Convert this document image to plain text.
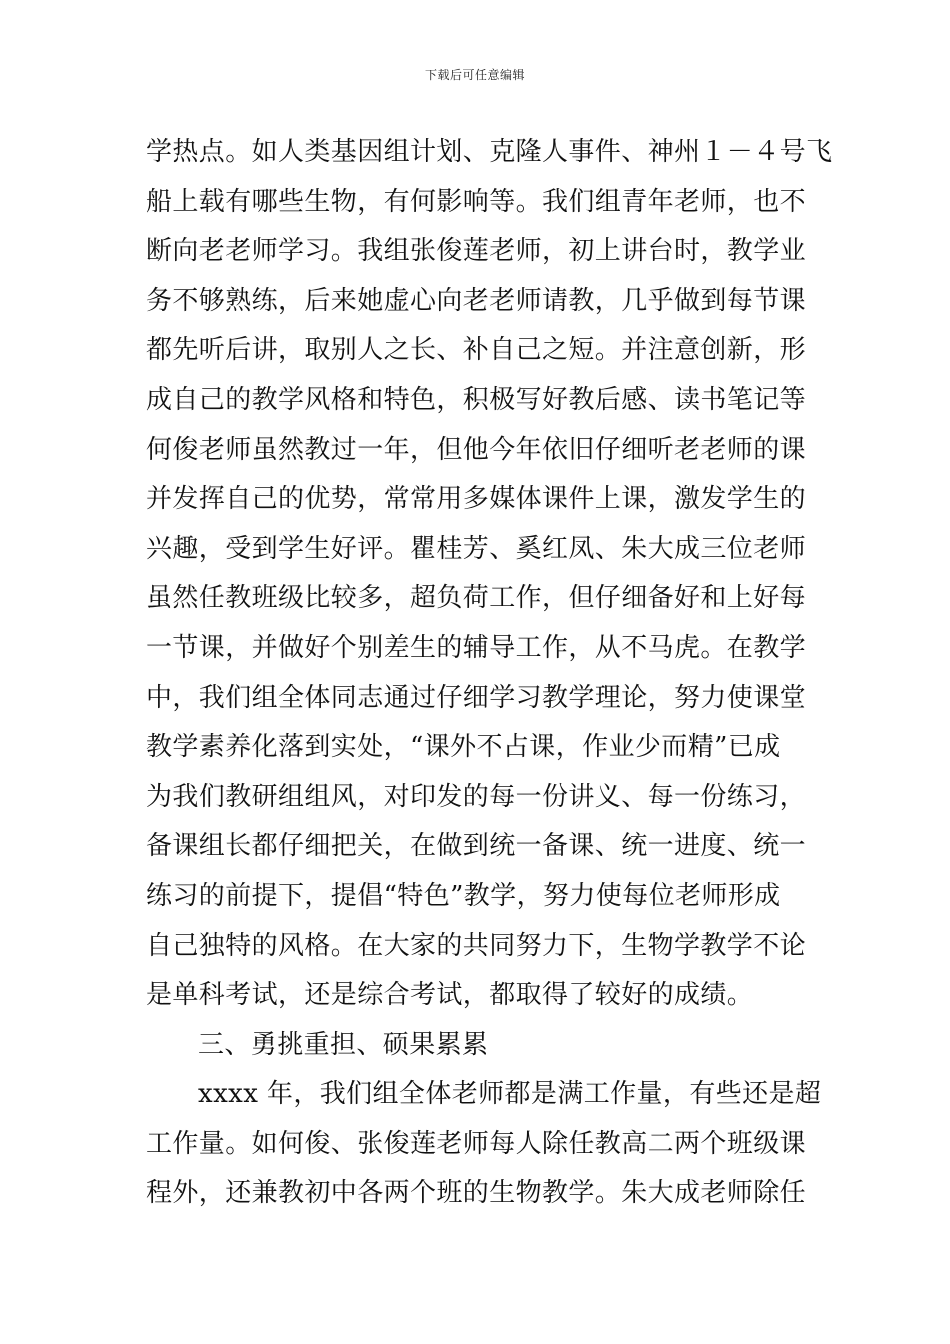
下载后可任意编辑
学热点。如人类基因组计划、克隆人事件、神州１－４号飞
船上载有哪些生物，有何影响等。我们组青年老师，也不
断向老老师学习。我组张俊莲老师，初上讲台时，教学业
务不够熟练，后来她虚心向老老师请教，几乎做到每节课
都先听后讲，取别人之长、补自己之短。并注意创新，形
成自己的教学风格和特色，积极写好教后感、读书笔记等
何俊老师虽然教过一年，但他今年依旧仔细听老老师的课
并发挥自己的优势，常常用多媒体课件上课，激发学生的
兴趣，受到学生好评。瞿桂芳、奚红凤、朱大成三位老师
虽然任教班级比较多，超负荷工作，但仔细备好和上好每
一节课，并做好个别差生的辅导工作，从不马虎。在教学
中，我们组全体同志通过仔细学习教学理论，努力使课堂
教学素养化落到实处，“课外不占课，作业少而精”已成
为我们教研组组风，对印发的每一份讲义、每一份练习，
备课组长都仔细把关，在做到统一备课、统一进度、统一
练习的前提下，提倡“特色”教学，努力使每位老师形成
自己独特的风格。在大家的共同努力下，生物学教学不论
是单科考试，还是综合考试，都取得了较好的成绩。
三、勇挑重担、硕果累累
xxxx 年，我们组全体老师都是满工作量，有些还是超
工作量。如何俊、张俊莲老师每人除任教高二两个班级课
程外，还兼教初中各两个班的生物教学。朱大成老师除任
